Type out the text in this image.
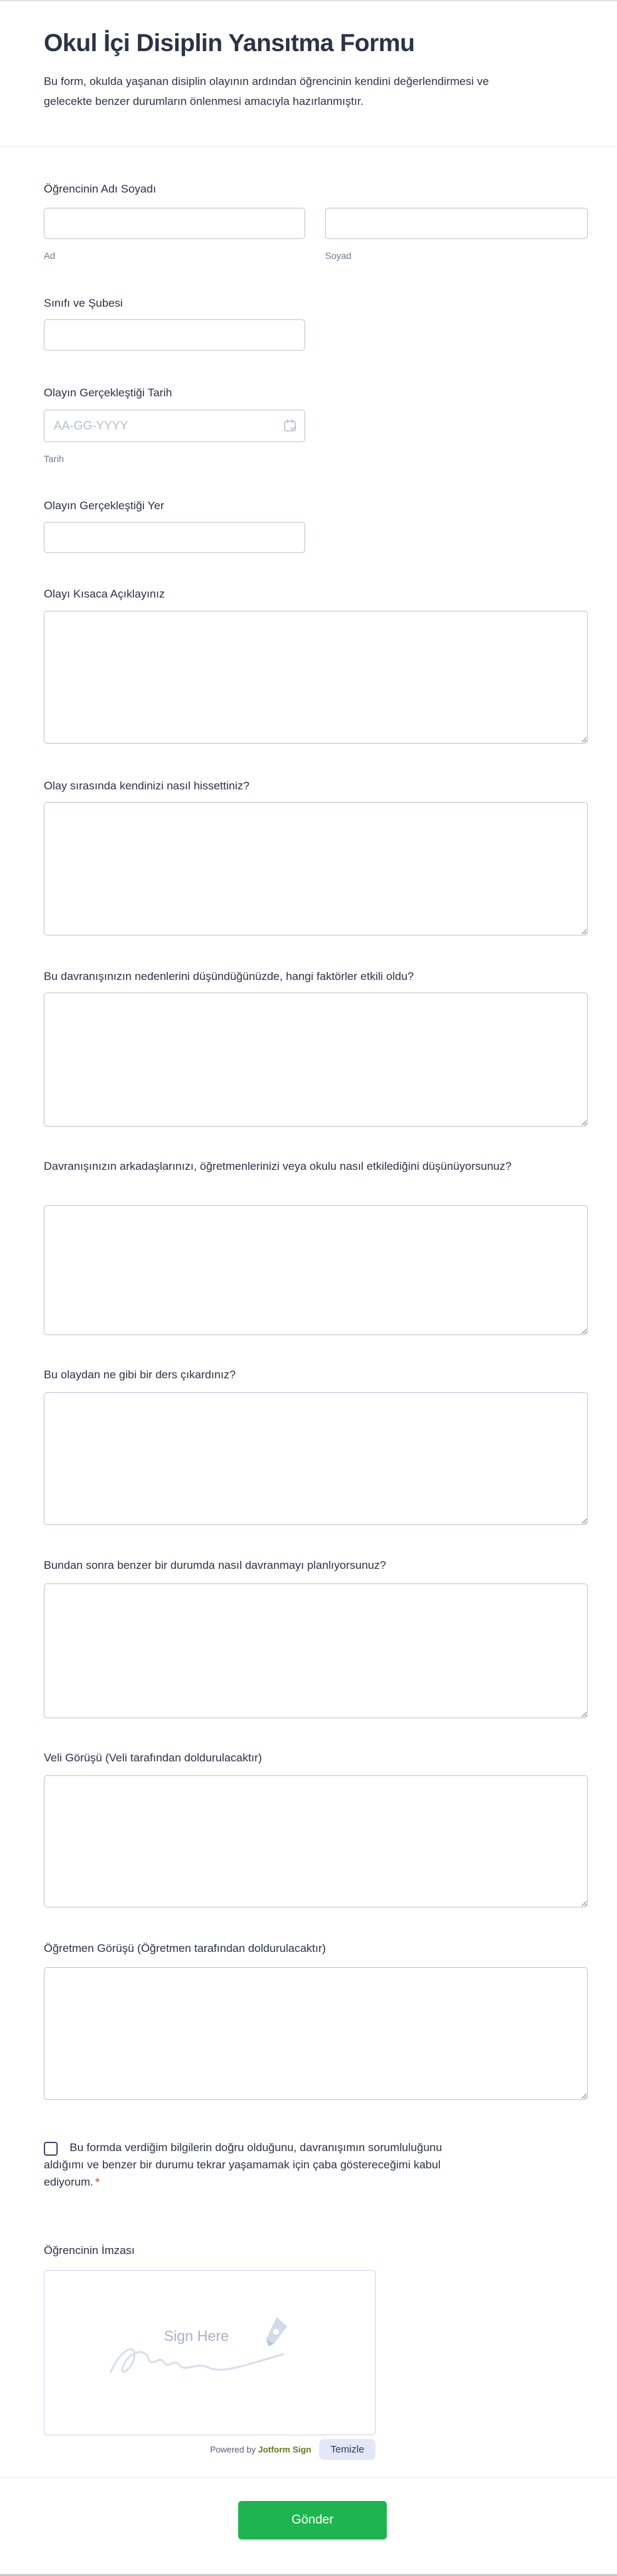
Okul İçi Disiplin Yansıtma Formu

Bu form, okulda yaşanan disiplin olayının ardından öğrencinin kendini değerlendirmesi ve gelecekte benzer durumların önlenmesi amacıyla hazırlanmıştır.

Öğrencinin Adı Soyadı
Ad	Soyad
Sınıfı ve Şubesi
Olayın Gerçekleştiği Tarih
AA-GG-YYYY
Tarih
Olayın Gerçekleştiği Yer
Olayı Kısaca Açıklayınız
Olay sırasında kendinizi nasıl hissettiniz?
Bu davranışınızın nedenlerini düşündüğünüzde, hangi faktörler etkili oldu?
Davranışınızın arkadaşlarınızı, öğretmenlerinizi veya okulu nasıl etkilediğini düşünüyorsunuz?
Bu olaydan ne gibi bir ders çıkardınız?
Bundan sonra benzer bir durumda nasıl davranmayı planlıyorsunuz?
Veli Görüşü (Veli tarafından doldurulacaktır)
Öğretmen Görüşü (Öğretmen tarafından doldurulacaktır)
Bu formda verdiğim bilgilerin doğru olduğunu, davranışımın sorumluluğunu aldığımı ve benzer bir durumu tekrar yaşamamak için çaba göstereceğimi kabul ediyorum. *
Öğrencinin İmzası
Sign Here
Powered by Jotform Sign	Temizle
Gönder
